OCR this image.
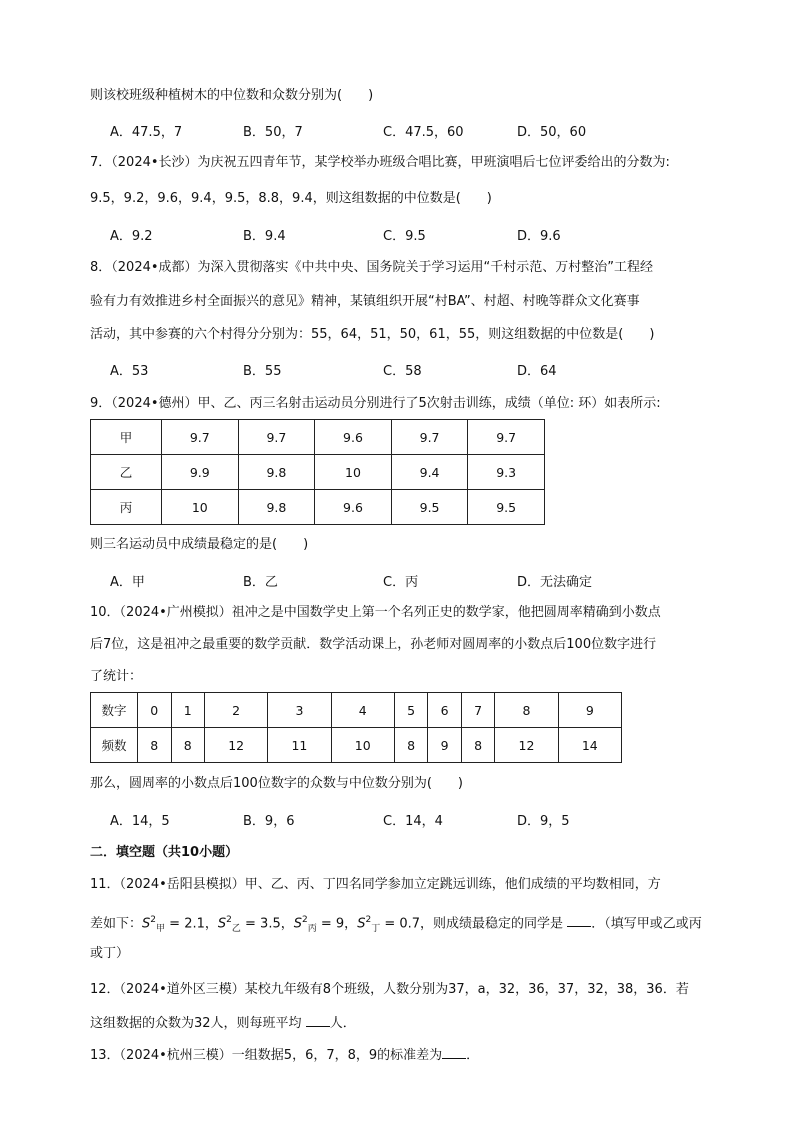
则该校班级种植树木的中位数和众数分别为(　　)
A．47.5，7	B．50，7	C．47.5，60	D．50，60
7．（2024•长沙）为庆祝五四青年节，某学校举办班级合唱比赛，甲班演唱后七位评委给出的分数为:
9.5，9.2，9.6，9.4，9.5，8.8，9.4，则这组数据的中位数是(　　)
A．9.2	B．9.4	C．9.5	D．9.6
8．（2024•成都）为深入贯彻落实《中共中央、国务院关于学习运用“千村示范、万村整治”工程经
验有力有效推进乡村全面振兴的意见》精神，某镇组织开展“村BA”、村超、村晚等群众文化赛事
活动，其中参赛的六个村得分分别为：55，64，51，50，61，55，则这组数据的中位数是(　　)
A．53	B．55	C．58	D．64
9．（2024•德州）甲、乙、丙三名射击运动员分别进行了5次射击训练，成绩（单位: 环）如表所示:
甲	9.7	9.7	9.6	9.7	9.7
乙	9.9	9.8	10	9.4	9.3
丙	10	9.8	9.6	9.5	9.5
则三名运动员中成绩最稳定的是(　　)
A．甲	B．乙	C．丙	D．无法确定
10．（2024•广州模拟）祖冲之是中国数学史上第一个名列正史的数学家，他把圆周率精确到小数点
后7位，这是祖冲之最重要的数学贡献．数学活动课上，孙老师对圆周率的小数点后100位数字进行
了统计：
数字	0	1	2	3	4	5	6	7	8	9
频数	8	8	12	11	10	8	9	8	12	14
那么，圆周率的小数点后100位数字的众数与中位数分别为(　　)
A．14，5	B．9，6	C．14，4	D．9，5
二．填空题（共10小题）
11．（2024•岳阳县模拟）甲、乙、丙、丁四名同学参加立定跳远训练，他们成绩的平均数相同，方
差如下：$S^2_甲 = 2.1$，$S^2_乙 = 3.5$，$S^2_丙 = 9$，$S^2_丁 = 0.7$，则成绩最稳定的同学是 ．（填写甲或乙或丙
或丁）
12．（2024•道外区三模）某校九年级有8个班级，人数分别为37，a，32，36，37，32，38，36．若
这组数据的众数为32人，则每班平均 人．
13．（2024•杭州三模）一组数据5，6，7，8，9的标准差为 ．
